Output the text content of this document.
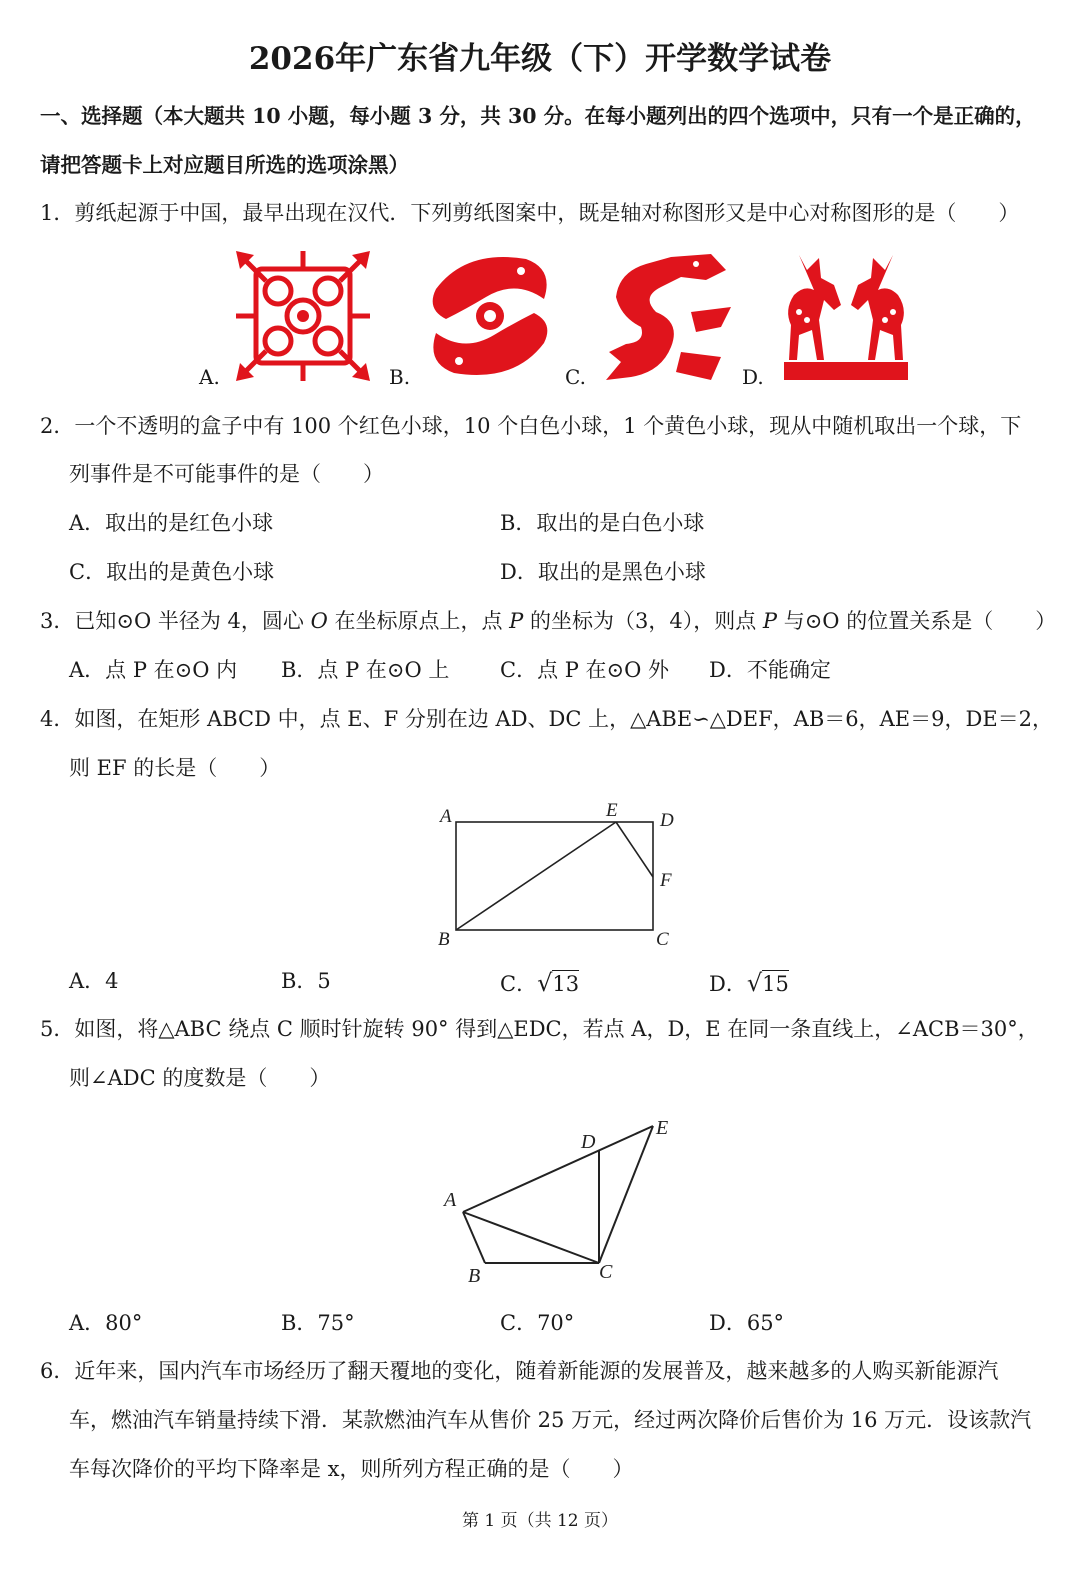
2026年广东省九年级（下）开学数学试卷
一、选择题（本大题共 10 小题，每小题 3 分，共 30 分。在每小题列出的四个选项中，只有一个是正确的，
请把答题卡上对应题目所选的选项涂黑）
1．剪纸起源于中国，最早出现在汉代．下列剪纸图案中，既是轴对称图形又是中心对称图形的是（　　）
A.	B.	C.	D.
2．一个不透明的盒子中有 100 个红色小球，10 个白色小球，1 个黄色小球，现从中随机取出一个球，下
列事件是不可能事件的是（　　）
A．取出的是红色小球	B．取出的是白色小球
C．取出的是黄色小球	D．取出的是黑色小球
3．已知⊙O 半径为 4，圆心 O 在坐标原点上，点 P 的坐标为（3，4），则点 P 与⊙O 的位置关系是（　　）
A．点 P 在⊙O 内 B．点 P 在⊙O 上 C．点 P 在⊙O 外 D．不能确定
4．如图，在矩形 ABCD 中，点 E、F 分别在边 AD、DC 上，△ABE∽△DEF，AB＝6，AE＝9，DE＝2，
则 EF 的长是（　　）
A
B	C
D
E
F
A．4	B．5	C．√13	D．√15
5．如图，将△ABC 绕点 C 顺时针旋转 90° 得到△EDC，若点 A，D，E 在同一条直线上，∠ACB＝30°，
则∠ADC 的度数是（　　）
A
B	C
D
E
A．80°	B．75°	C．70°	D．65°
6．近年来，国内汽车市场经历了翻天覆地的变化，随着新能源的发展普及，越来越多的人购买新能源汽
车，燃油汽车销量持续下滑．某款燃油汽车从售价 25 万元，经过两次降价后售价为 16 万元．设该款汽
车每次降价的平均下降率是 x，则所列方程正确的是（　　）
第 1 页（共 12 页）
